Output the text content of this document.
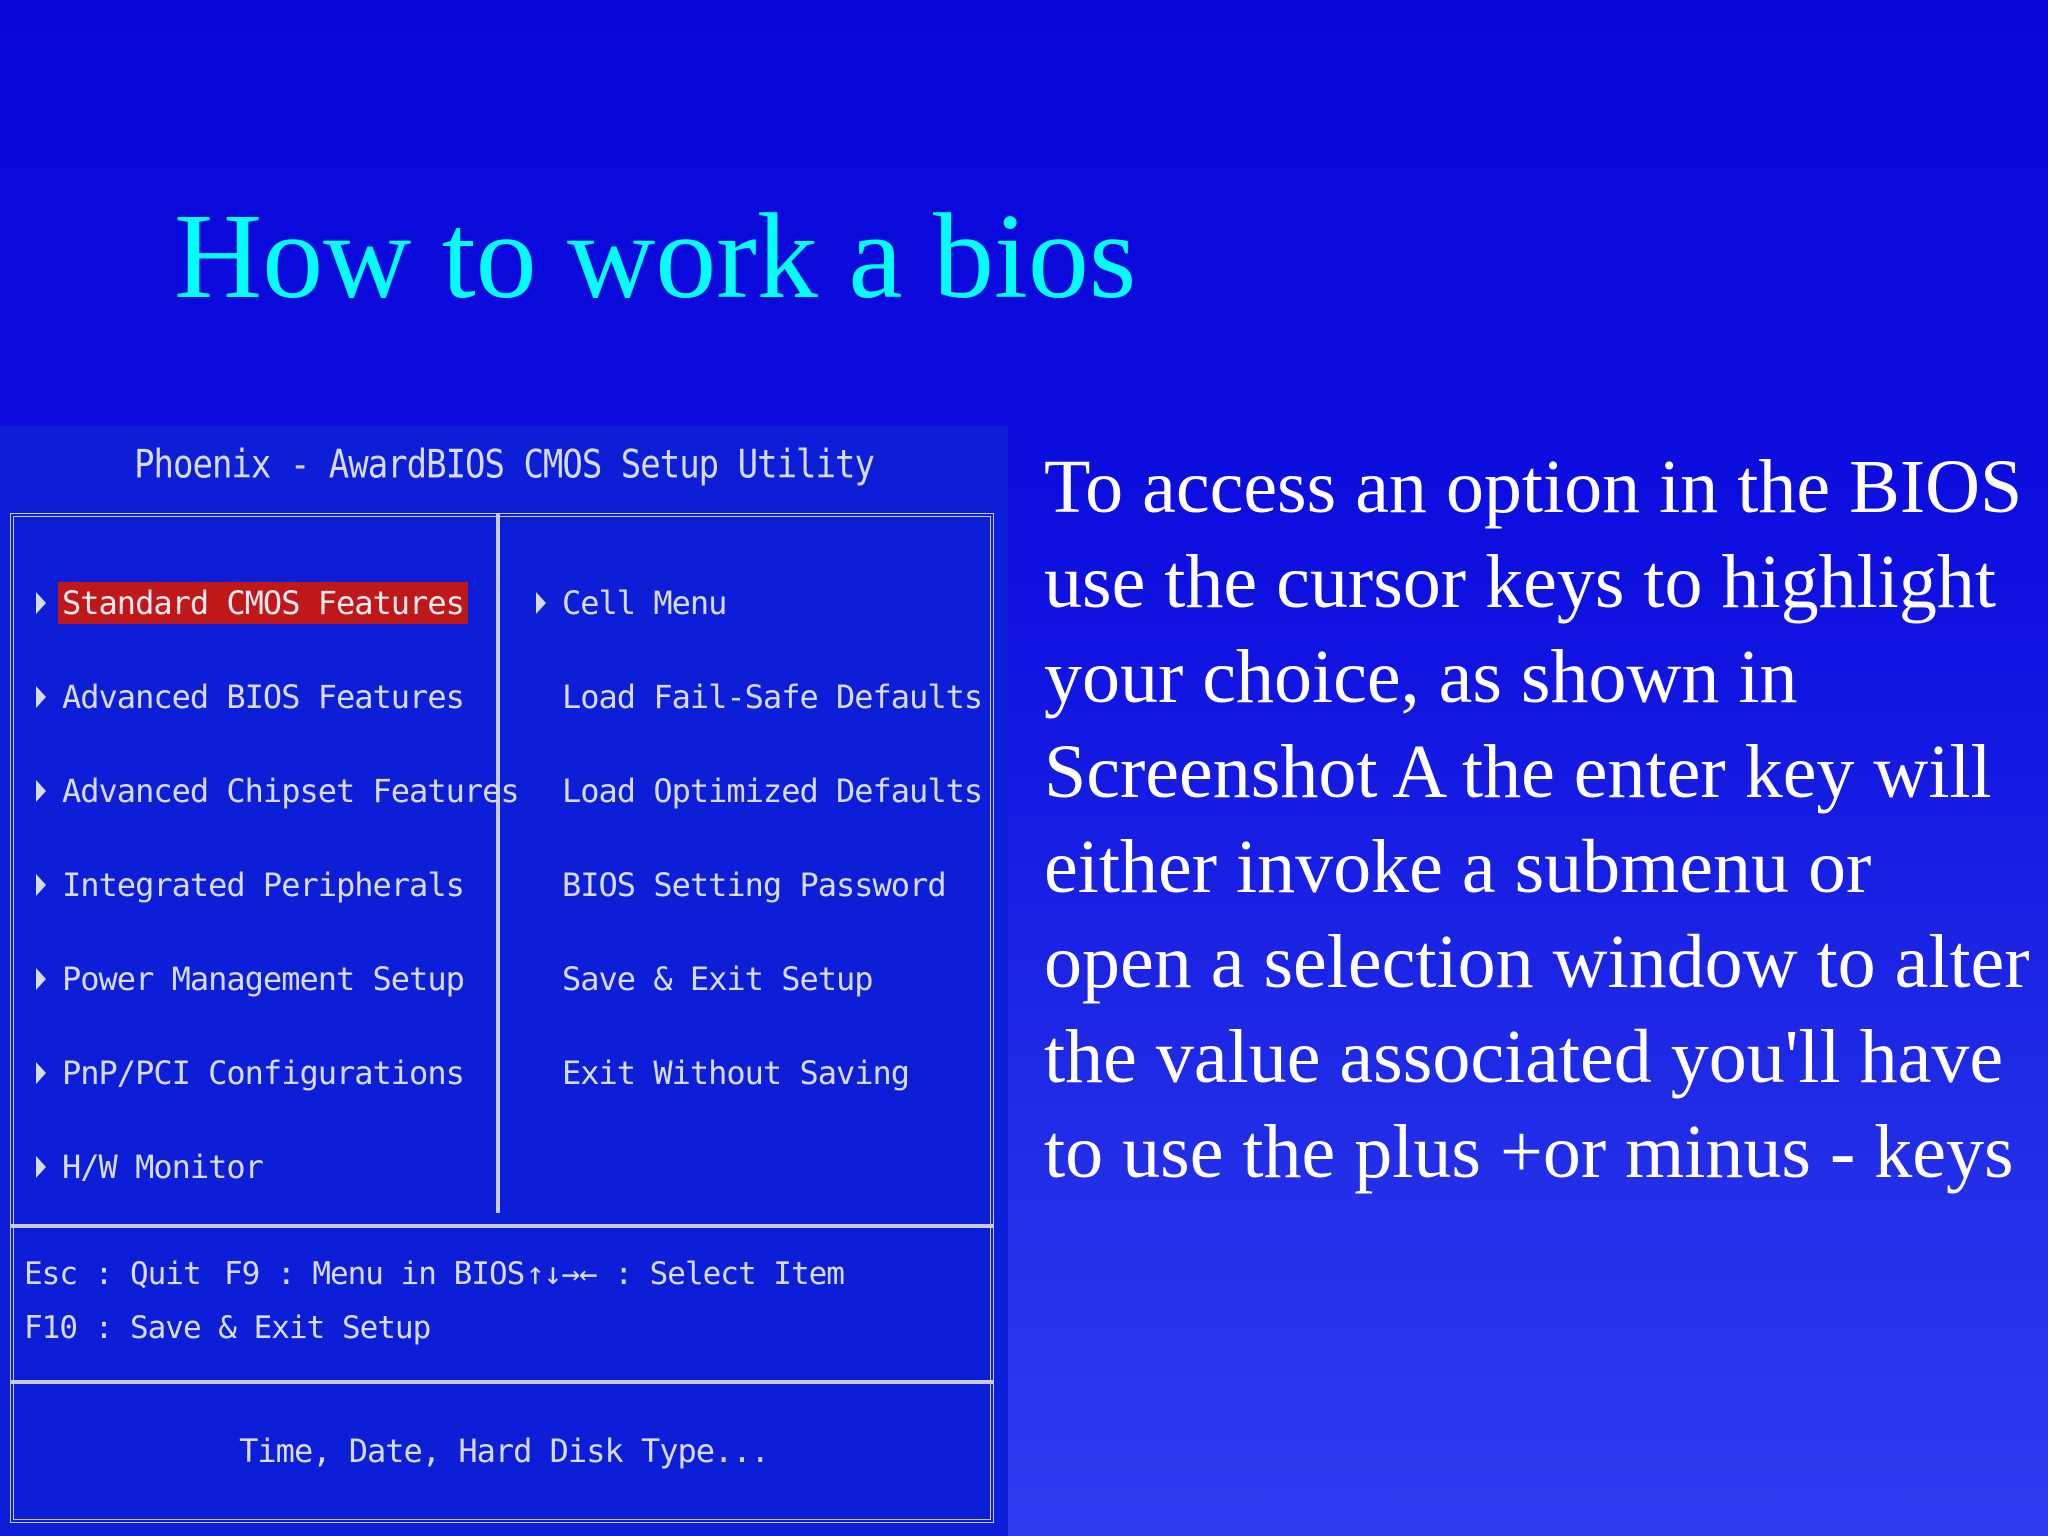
How to work a bios
Phoenix - AwardBIOS CMOS Setup Utility
Standard CMOS Features
Advanced BIOS Features
Advanced Chipset Features
Integrated Peripherals
Power Management Setup
PnP/PCI Configurations
H/W Monitor
Cell Menu
Load Fail-Safe Defaults
Load Optimized Defaults
BIOS Setting Password
Save & Exit Setup
Exit Without Saving
Esc : Quit F9 : Menu in BIOS ↑↓→← : Select Item
F10 : Save & Exit Setup
Time, Date, Hard Disk Type...

To access an option in the BIOS use the cursor keys to highlight your choice, as shown in Screenshot A the enter key will either invoke a submenu or open a selection window to alter the value associated you'll have to use the plus +or minus - keys
